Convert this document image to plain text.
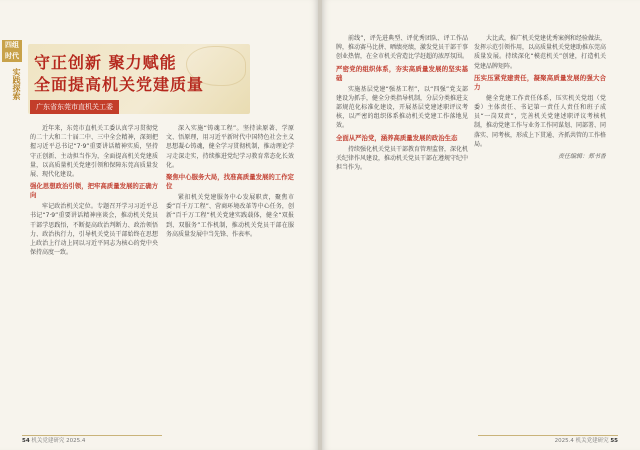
四组 时代
实践探索
守正创新 聚力赋能
全面提高机关党建质量
广东省东莞市直机关工委

近年来，东莞市直机关工委认真学习贯彻党的二十大和二十届二中、三中全会精神，深刻把握习近平总书记“7·9”重要讲话精神实质，坚持守正创新、主动担当作为，全面提高机关党建质量，以高质量机关党建引领和保障东莞高质量发展、现代化建设。

强化思想政治引领，把牢高质量发展的正确方向

牢记政治机关定位。专题召开学习习近平总书记“7·9”重要讲话精神座谈会，推动机关党员干部学思践悟，不断提高政治判断力、政治领悟力、政治执行力，引导机关党员干部始终在思想上政治上行动上同以习近平同志为核心的党中央保持高度一致。

深入实施“铸魂工程”。坚持读原著、学原文、悟原理，用习近平新时代中国特色社会主义思想凝心铸魂，健全学习贯彻机制，推动理论学习走深走实，持续推进党纪学习教育常态化长效化。

聚焦中心服务大局，找准高质量发展的工作定位

紧扣机关党建服务中心发展职责，聚焦市委“百千万工程”、营商环境改革等中心任务，创新“百千万工程”机关党建实践载体，健全“双报到、双服务”工作机制，推动机关党员干部在服务高质量发展中当先锋、作表率。

54 机关党建研究 2025.4

前线”，评先进典型、评优秀团队、评工作品牌，推动赛马比拼、晒绩亮绩，激发党员干部干事创业热情，在全市机关营造比学赶超的浓厚氛围。

严密党的组织体系，夯实高质量发展的坚实基础

实施基层党建“强基工程”，以“四强”党支部建设为抓手，健全分类指导机制，分层分类推进支部规范化标准化建设，开展基层党建述职评议考核，以严密的组织体系推动机关党建工作落地见效。

全面从严治党，涵养高质量发展的政治生态

持续强化机关党员干部教育管理监督，深化机关纪律作风建设，推动机关党员干部在遵规守纪中担当作为。

大比武，推广机关党建优秀案例和经验做法，发挥示范引领作用，以高质量机关党建助推东莞高质量发展。持续深化“模范机关”创建，打造机关党建品牌矩阵。

压实压紧党建责任，凝聚高质量发展的强大合力

健全党建工作责任体系，压实机关党组（党委）主体责任、书记第一责任人责任和班子成员“一岗双责”，完善机关党建述职评议考核机制，推动党建工作与业务工作同谋划、同部署、同落实、同考核，形成上下贯通、齐抓共管的工作格局。

责任编辑：郑书香
2025.4 机关党建研究 55
